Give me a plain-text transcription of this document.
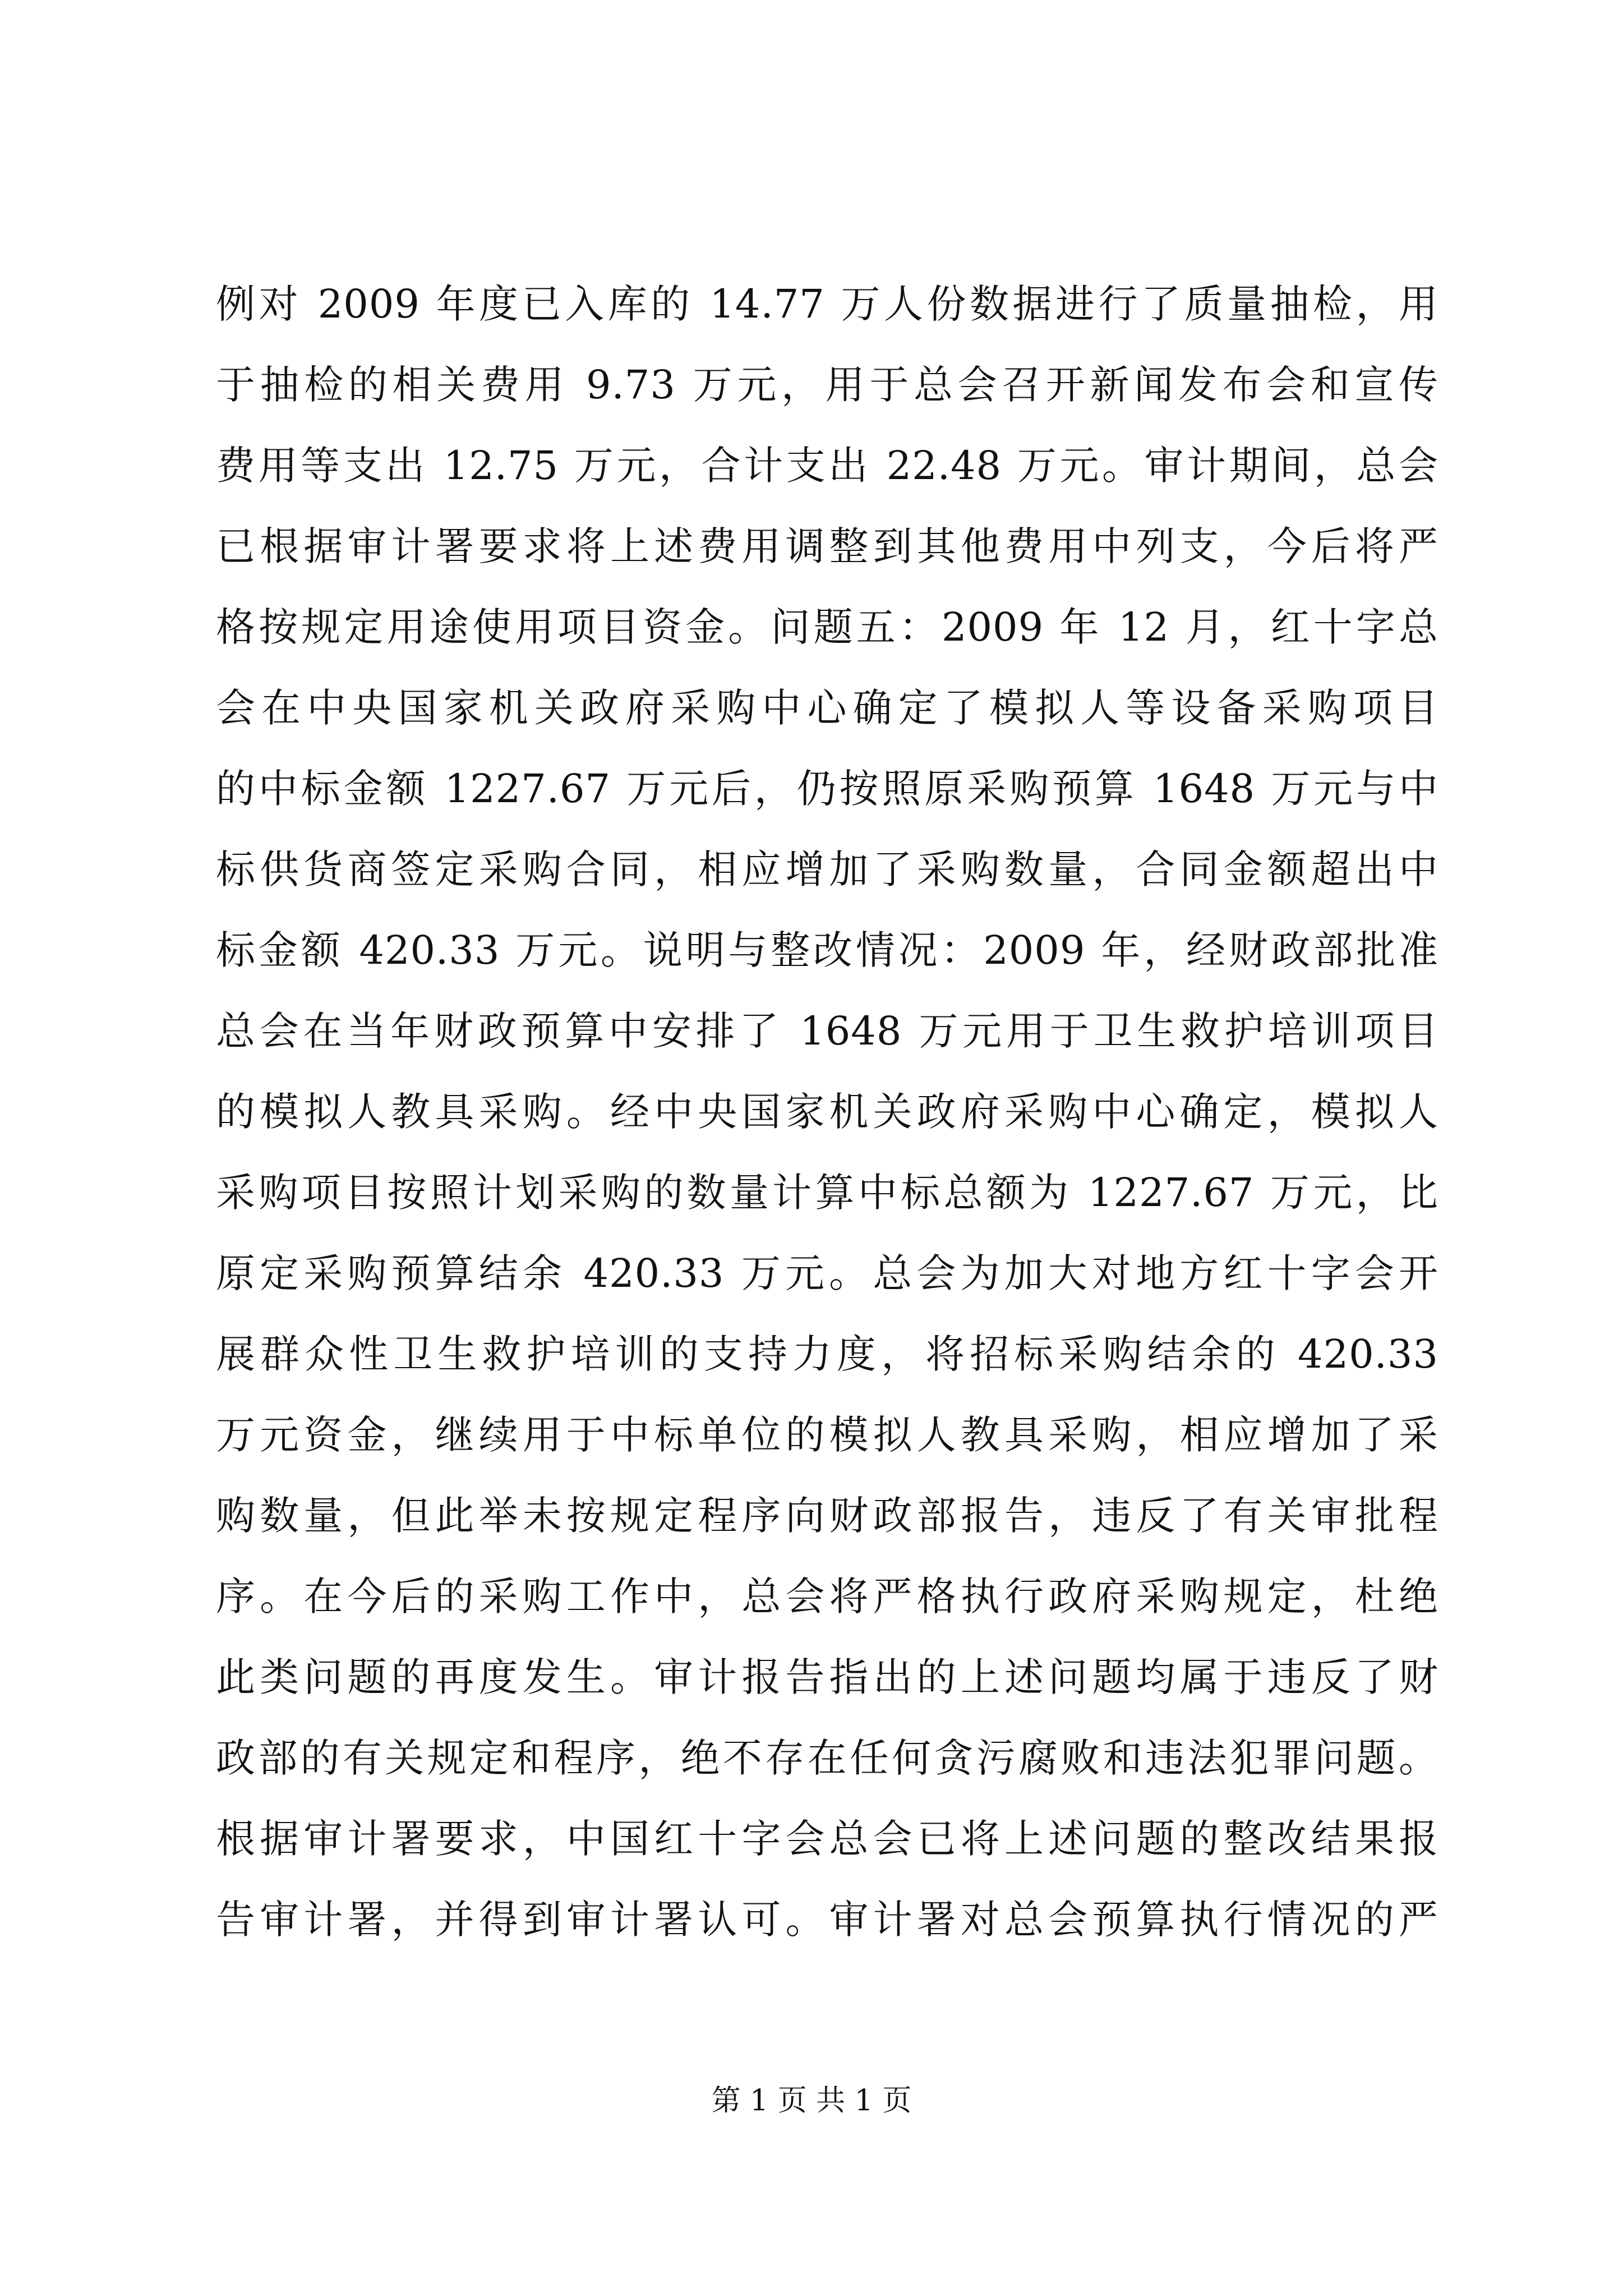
例对 2009 年度已入库的 14.77 万人份数据进行了质量抽检，用
于抽检的相关费用 9.73 万元，用于总会召开新闻发布会和宣传
费用等支出 12.75 万元，合计支出 22.48 万元。审计期间，总会
已根据审计署要求将上述费用调整到其他费用中列支，今后将严
格按规定用途使用项目资金。问题五：2009 年 12 月，红十字总
会在中央国家机关政府采购中心确定了模拟人等设备采购项目
的中标金额 1227.67 万元后，仍按照原采购预算 1648 万元与中
标供货商签定采购合同，相应增加了采购数量，合同金额超出中
标金额 420.33 万元。说明与整改情况：2009 年，经财政部批准
总会在当年财政预算中安排了 1648 万元用于卫生救护培训项目
的模拟人教具采购。经中央国家机关政府采购中心确定，模拟人
采购项目按照计划采购的数量计算中标总额为 1227.67 万元，比
原定采购预算结余 420.33 万元。总会为加大对地方红十字会开
展群众性卫生救护培训的支持力度，将招标采购结余的 420.33
万元资金，继续用于中标单位的模拟人教具采购，相应增加了采
购数量，但此举未按规定程序向财政部报告，违反了有关审批程
序。在今后的采购工作中，总会将严格执行政府采购规定，杜绝
此类问题的再度发生。审计报告指出的上述问题均属于违反了财
政部的有关规定和程序，绝不存在任何贪污腐败和违法犯罪问题。
根据审计署要求，中国红十字会总会已将上述问题的整改结果报
告审计署，并得到审计署认可。审计署对总会预算执行情况的严
第 1 页 共 1 页
